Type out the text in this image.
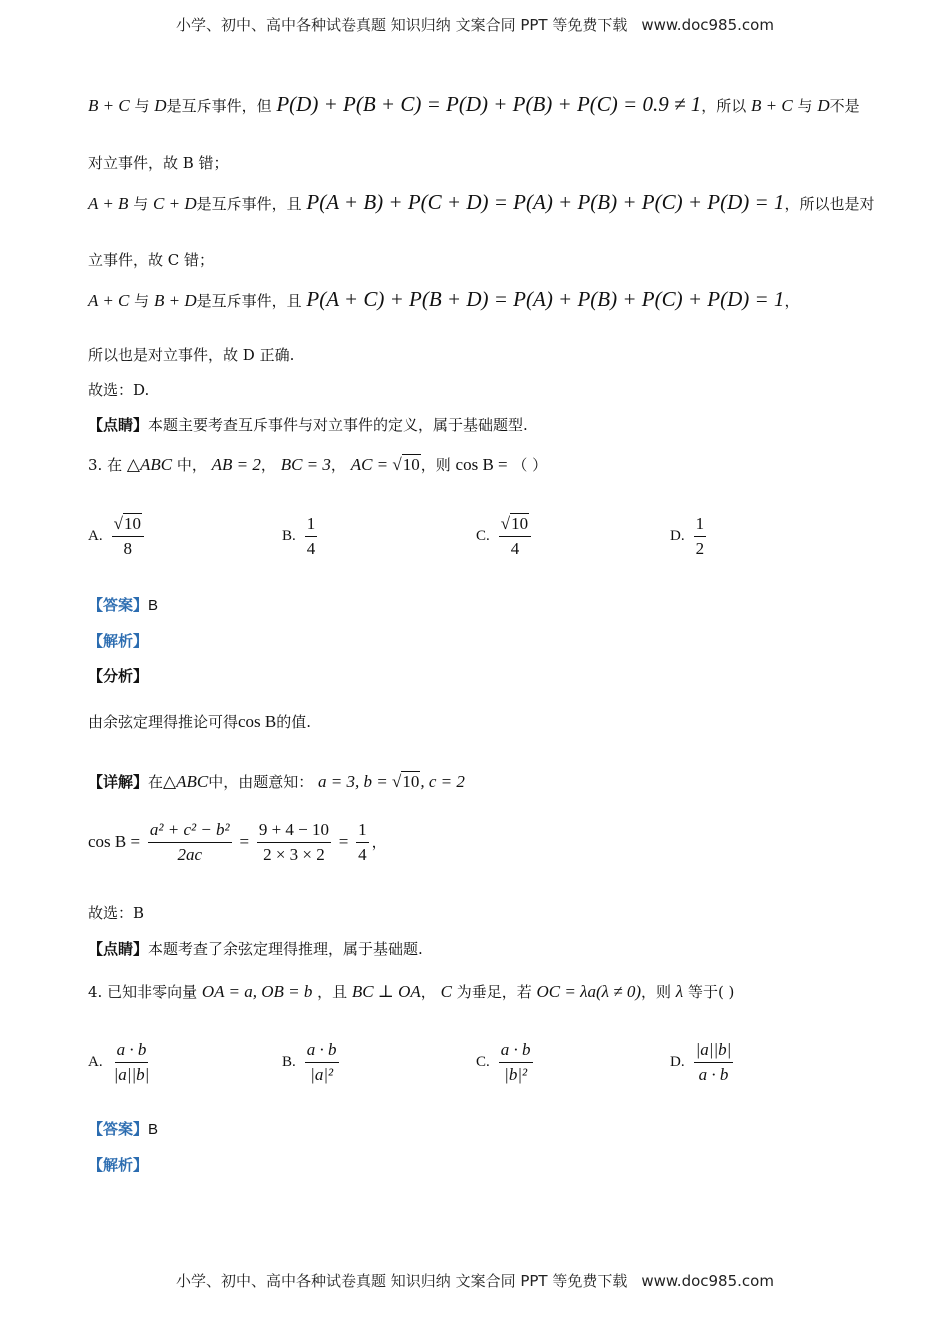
小学、初中、高中各种试卷真题 知识归纳 文案合同 PPT 等免费下载 www.doc985.com
B + C 与 D是互斥事件，但 P(D) + P(B + C) = P(D) + P(B) + P(C) = 0.9 ≠ 1，所以 B + C 与 D不是
对立事件，故 B 错；
A + B 与 C + D是互斥事件，且 P(A + B) + P(C + D) = P(A) + P(B) + P(C) + P(D) = 1，所以也是对
立事件，故 C 错；
A + C 与 B + D是互斥事件，且 P(A + C) + P(B + D) = P(A) + P(B) + P(C) + P(D) = 1，
所以也是对立事件，故 D 正确.
故选：D.
【点睛】本题主要考查互斥事件与对立事件的定义，属于基础题型.
3. 在 △ABC 中， AB = 2， BC = 3， AC = √10，则 cos B = （ ）
A. $\frac{√10}{8}$	B. $\frac{1}{4}$	C. $\frac{√10}{4}$	D. $\frac{1}{2}$
【答案】B
【解析】
【分析】
由余弦定理得推论可得cos B的值.
【详解】在△ABC中，由题意知： a = 3, b = √10, c = 2
$\cos B = \frac{\text{a² + c² − b²}}{2ac} = \frac{9 + 4 - 10}{2 \times 3 \times 2} = \frac{1}{4}$ ，
故选：B
【点睛】本题考查了余弦定理得推理，属于基础题.
4. 已知非零向量 OA = a, OB = b ，且 BC ⊥ OA， C 为垂足，若 OC = λa(λ ≠ 0)，则 λ 等于( )
A. $\frac{a \cdot b}{|a||b|}$	B. $\frac{a \cdot b}{\text{|a|²}}$	C. $\frac{a \cdot b}{\text{|b|²}}$	D. $\frac{|a||b|}{a \cdot b}$
【答案】B
【解析】
小学、初中、高中各种试卷真题 知识归纳 文案合同 PPT 等免费下载 www.doc985.com
